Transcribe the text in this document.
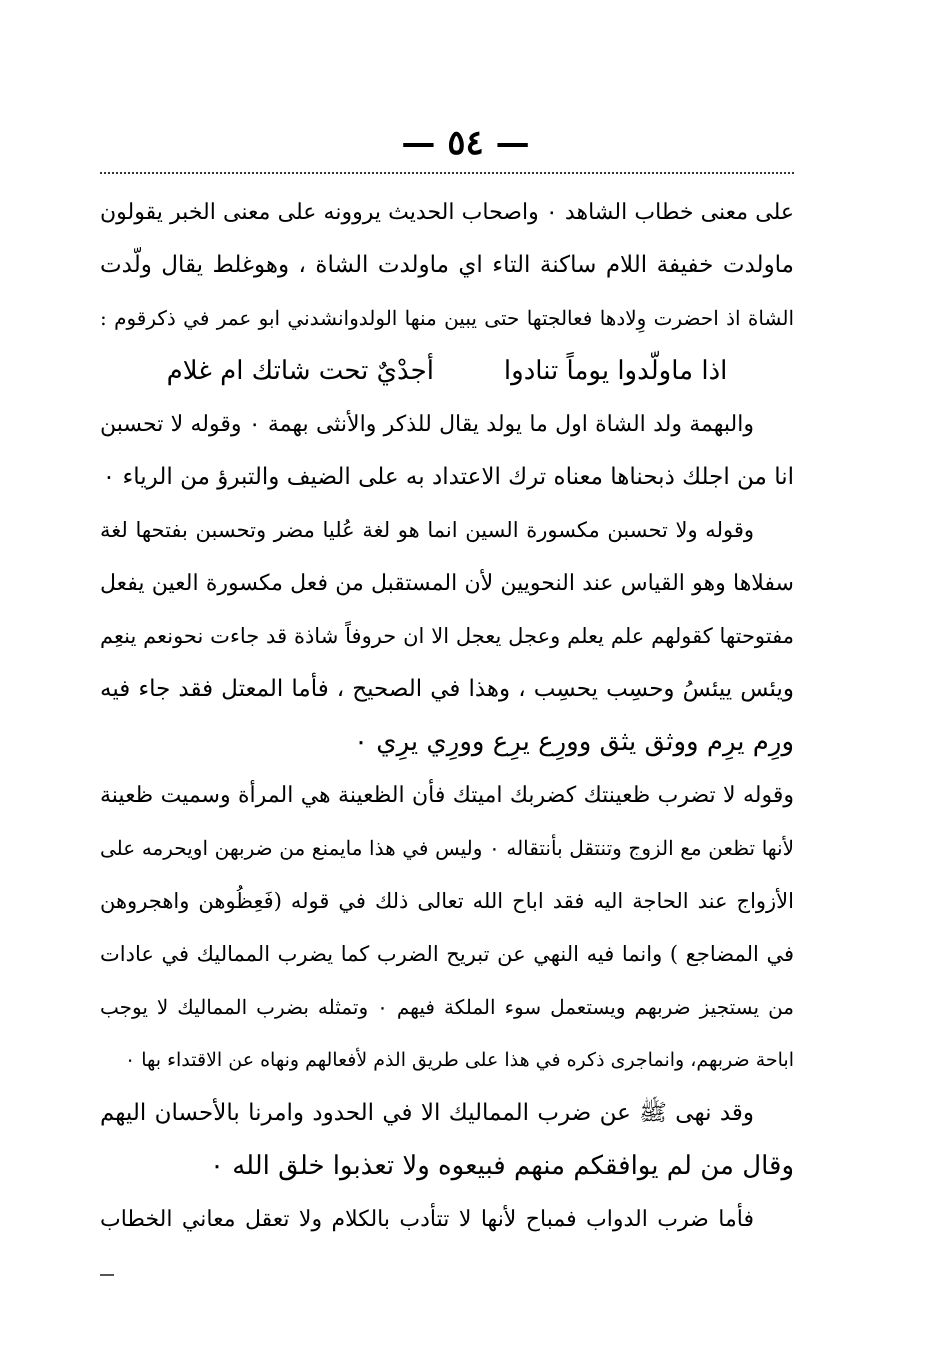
— ٥٤ —
على معنى خطاب الشاهد ٠ واصحاب الحديث يروونه على معنى الخبر يقولون
ماولدت خفيفة اللام ساكنة التاء اي ماولدت الشاة ، وهوغلط يقال ولّدت
الشاة اذ احضرت وِلادها فعالجتها حتى يبين منها الولدوانشدني ابو عمر في ذكرقوم :
اذا ماولّدوا يوماً تنادوا
أجدْيٌ تحت شاتك ام غلام
والبهمة ولد الشاة اول ما يولد يقال للذكر والأنثى بهمة ٠ وقوله لا تحسبن
انا من اجلك ذبحناها معناه ترك الاعتداد به على الضيف والتبرؤ من الرياء ٠
وقوله ولا تحسبن مكسورة السين انما هو لغة عُليا مضر وتحسبن بفتحها لغة
سفلاها وهو القياس عند النحويين لأن المستقبل من فعل مكسورة العين يفعل
مفتوحتها كقولهم علم يعلم وعجل يعجل الا ان حروفاً شاذة قد جاءت نحونعم ينعِم
ويئس ييئسُ وحسِب يحسِب ، وهذا في الصحيح ، فأما المعتل فقد جاء فيه
ورِم يرِم ووثق يثق وورِع يرِع وورِي يرِي ٠
وقوله لا تضرب ظعينتك كضربك اميتك فأن الظعينة هي المرأة وسميت ظعينة
لأنها تظعن مع الزوج وتنتقل بأنتقاله ٠ وليس في هذا مايمنع من ضربهن اويحرمه على
الأزواج عند الحاجة اليه فقد اباح الله تعالى ذلك في قوله (فَعِظُوهن واهجروهن
في المضاجع ) وانما فيه النهي عن تبريح الضرب كما يضرب المماليك في عادات
من يستجيز ضربهم ويستعمل سوء الملكة فيهم ٠ وتمثله بضرب المماليك لا يوجب
اباحة ضربهم، وانماجرى ذكره في هذا على طريق الذم لأفعالهم ونهاه عن الاقتداء بها ٠
وقد نهى ﷺ عن ضرب المماليك الا في الحدود وامرنا بالأحسان اليهم
وقال من لم يوافقكم منهم فبيعوه ولا تعذبوا خلق الله ٠
فأما ضرب الدواب فمباح لأنها لا تتأدب بالكلام ولا تعقل معاني الخطاب
